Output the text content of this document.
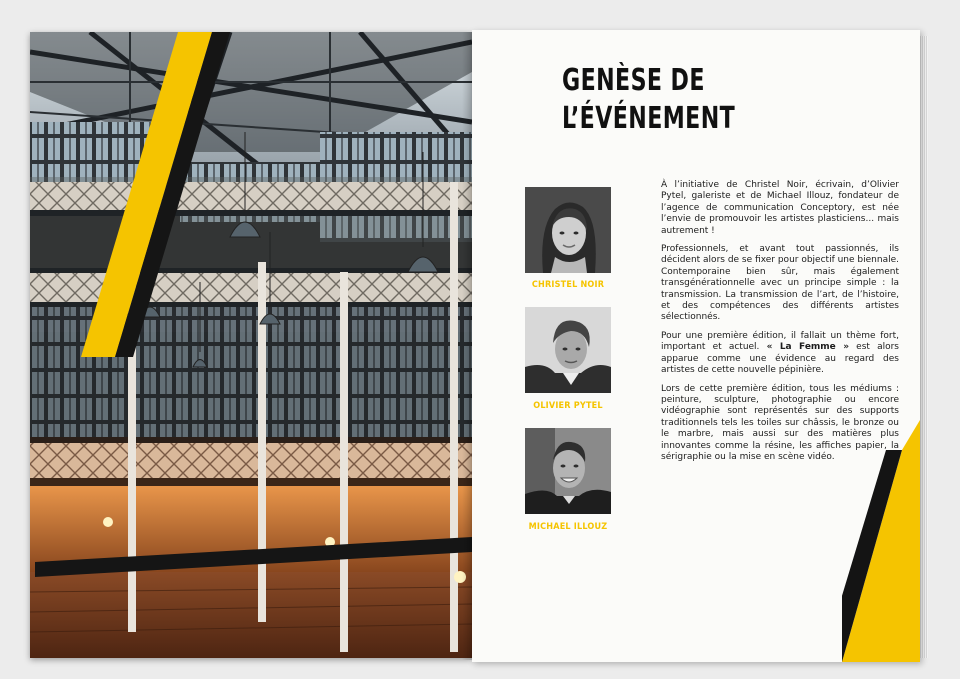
GENÈSE DE
L’ÉVÉNEMENT
CHRISTEL NOIR
OLIVIER PYTEL
MICHAEL ILLOUZ

À l’initiative de Christel Noir, écrivain, d’Olivier Pytel, galeriste et de Michael Illouz, fondateur de l’agence de communication Conceptory, est née l’envie de promouvoir les artistes plasticiens... mais autrement !

Professionnels, et avant tout passionnés, ils décident alors de se fixer pour objectif une biennale. Contemporaine bien sûr, mais également transgénérationnelle avec un principe simple : la transmission. La transmission de l’art, de l’histoire, et des compétences des différents artistes sélectionnés.

Pour une première édition, il fallait un thème fort, important et actuel. « La Femme » est alors apparue comme une évidence au regard des artistes de cette nouvelle pépinière.

Lors de cette première édition, tous les médiums : peinture, sculpture, photographie ou encore vidéographie sont représentés sur des supports traditionnels tels les toiles sur châssis, le bronze ou le marbre, mais aussi sur des matières plus innovantes comme la résine, les affiches papier, la sérigraphie ou la mise en scène vidéo.
